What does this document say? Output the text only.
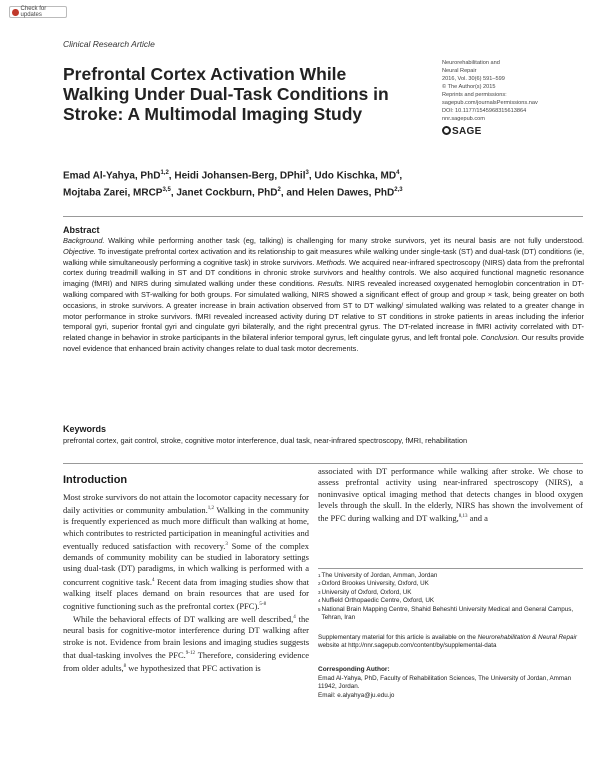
Check for updates
Clinical Research Article
Prefrontal Cortex Activation While Walking Under Dual-Task Conditions in Stroke: A Multimodal Imaging Study
Neurorehabilitation and
Neural Repair
2016, Vol. 30(6) 591–599
© The Author(s) 2015
Reprints and permissions:
sagepub.com/journalsPermissions.nav
DOI: 10.1177/1545968315613864
nnr.sagepub.com
SAGE
Emad Al-Yahya, PhD$^{1,2}$, Heidi Johansen-Berg, DPhil$^3$, Udo Kischka, $MD^4$,
Mojtaba Zarei, MRCP$^{3,5}$, Janet Cockburn, PhD$^2$, and Helen Dawes, PhD$^{2,3}$
Abstract
Background. Walking while performing another task (eg, talking) is challenging for many stroke survivors, yet its neural basis are not fully understood. Objective. To investigate prefrontal cortex activation and its relationship to gait measures while walking under single-task (ST) and dual-task (DT) conditions (ie, walking while simultaneously performing a cognitive task) in stroke survivors. Methods. We acquired near-infrared spectroscopy (NIRS) data from the prefrontal cortex during treadmill walking in ST and DT conditions in chronic stroke survivors and healthy controls. We also acquired functional magnetic resonance imaging (fMRI) and NIRS during simulated walking under these conditions. Results. NIRS revealed increased oxygenated hemoglobin concentration in DT-walking compared with ST-walking for both groups. For simulated walking, NIRS showed a significant effect of group and group × task, being greater on both occasions, in stroke survivors. A greater increase in brain activation observed from ST to DT walking/ simulated walking was related to a greater change in motor performance in stroke survivors. fMRI revealed increased activity during DT relative to ST conditions in stroke patients in areas including the inferior temporal gyri, superior frontal gyri and cingulate gyri bilaterally, and the right precentral gyrus. The DT-related increase in fMRI activity correlated with DT-related change in behavior in stroke participants in the bilateral inferior temporal gyrus, left cingulate gyrus, and left frontal pole. Conclusion. Our results provide novel evidence that enhanced brain activity changes relate to dual task motor decrements.
Keywords
prefrontal cortex, gait control, stroke, cognitive motor interference, dual task, near-infrared spectroscopy, fMRI, rehabilitation
Introduction

Most stroke survivors do not attain the locomotor capacity necessary for daily activities or community ambulation.$^{1,2}$ Walking in the community is frequently experienced as much more difficult than walking at home, which contributes to restricted participation in meaningful activities and eventually reduced satisfaction with recovery.$^3$ Some of the complex demands of community mobility can be studied in laboratory settings using dual-task (DT) paradigms, in which walking is performed with a concurrent cognitive task.$^4$ Recent data from imaging studies show that walking itself places demand on brain resources that are used for cognitive functioning such as the prefrontal cortex (PFC).$^{5-8}$

While the behavioral effects of DT walking are well described,$^4$ the neural basis for cognitive-motor interference during DT walking after stroke is not. Evidence from brain lesions and imaging studies suggests that dual-tasking involves the PFC.$^{9-12}$ Therefore, considering evidence from older adults,$^8$ we hypothesized that PFC activation is

associated with DT performance while walking after stroke. We chose to assess prefrontal activity using near-infrared spectroscopy (NIRS), a noninvasive optical imaging method that detects changes in blood oxygen levels through the skull. In the elderly, NIRS has shown the involvement of the PFC during walking and DT walking,$^{8,13}$ and a

1 The University of Jordan, Amman, Jordan
2 Oxford Brookes University, Oxford, UK
3 University of Oxford, Oxford, UK
4 Nuffield Orthopaedic Centre, Oxford, UK
5 National Brain Mapping Centre, Shahid Beheshti University Medical and General Campus, Tehran, Iran
Supplementary material for this article is available on the Neurorehabilitation & Neural Repair website at http://nnr.sagepub.com/content/by/supplemental-data
Corresponding Author:
Emad Al-Yahya, PhD, Faculty of Rehabilitation Sciences, The University of Jordan, Amman 11942, Jordan.
Email: e.alyahya@ju.edu.jo
